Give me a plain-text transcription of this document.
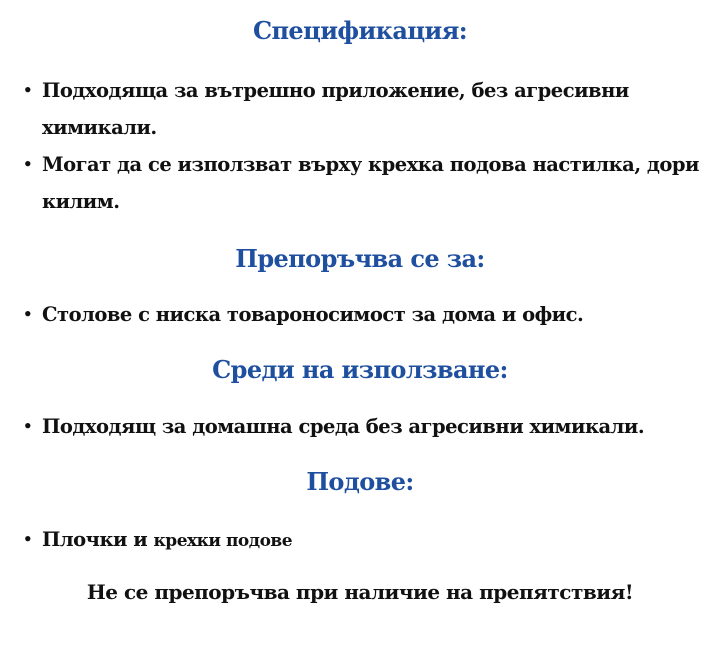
Спецификация:
• Подходяща за вътрешно приложение, без агресивни химикали.
• Могат да се използват върху крехка подова настилка, дори килим.
Препоръчва се за:
• Столове с ниска товароносимост за дома и офис.
Среди на използване:
• Подходящ за домашна среда без агресивни химикали.
Подове:
• Плочки и крехки подове
Не се препоръчва при наличие на препятствия!
